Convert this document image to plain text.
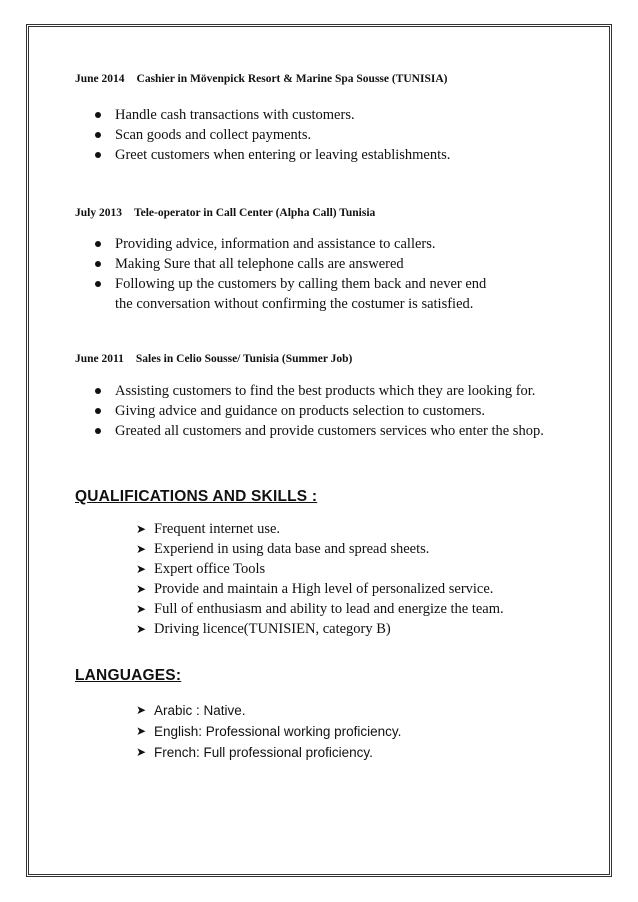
June 2014 Cashier in Mövenpick Resort & Marine Spa Sousse (TUNISIA)
Handle cash transactions with customers.
Scan goods and collect payments.
Greet customers when entering or leaving establishments.
July 2013 Tele-operator in Call Center (Alpha Call) Tunisia
Providing advice, information and assistance to callers.
Making Sure that all telephone calls are answered
Following up the customers by calling them back and never end
the conversation without confirming the costumer is satisfied.
June 2011 Sales in Celio Sousse/ Tunisia (Summer Job)
Assisting customers to find the best products which they are looking for.
Giving advice and guidance on products selection to customers.
Greated all customers and provide customers services who enter the shop.
QUALIFICATIONS AND SKILLS :
➤ Frequent internet use.
➤ Experiend in using data base and spread sheets.
➤ Expert office Tools
➤ Provide and maintain a High level of personalized service.
➤ Full of enthusiasm and ability to lead and energize the team.
➤ Driving licence(TUNISIEN, category B)
LANGUAGES:
➤ Arabic : Native.
➤ English: Professional working proficiency.
➤ French: Full professional proficiency.
